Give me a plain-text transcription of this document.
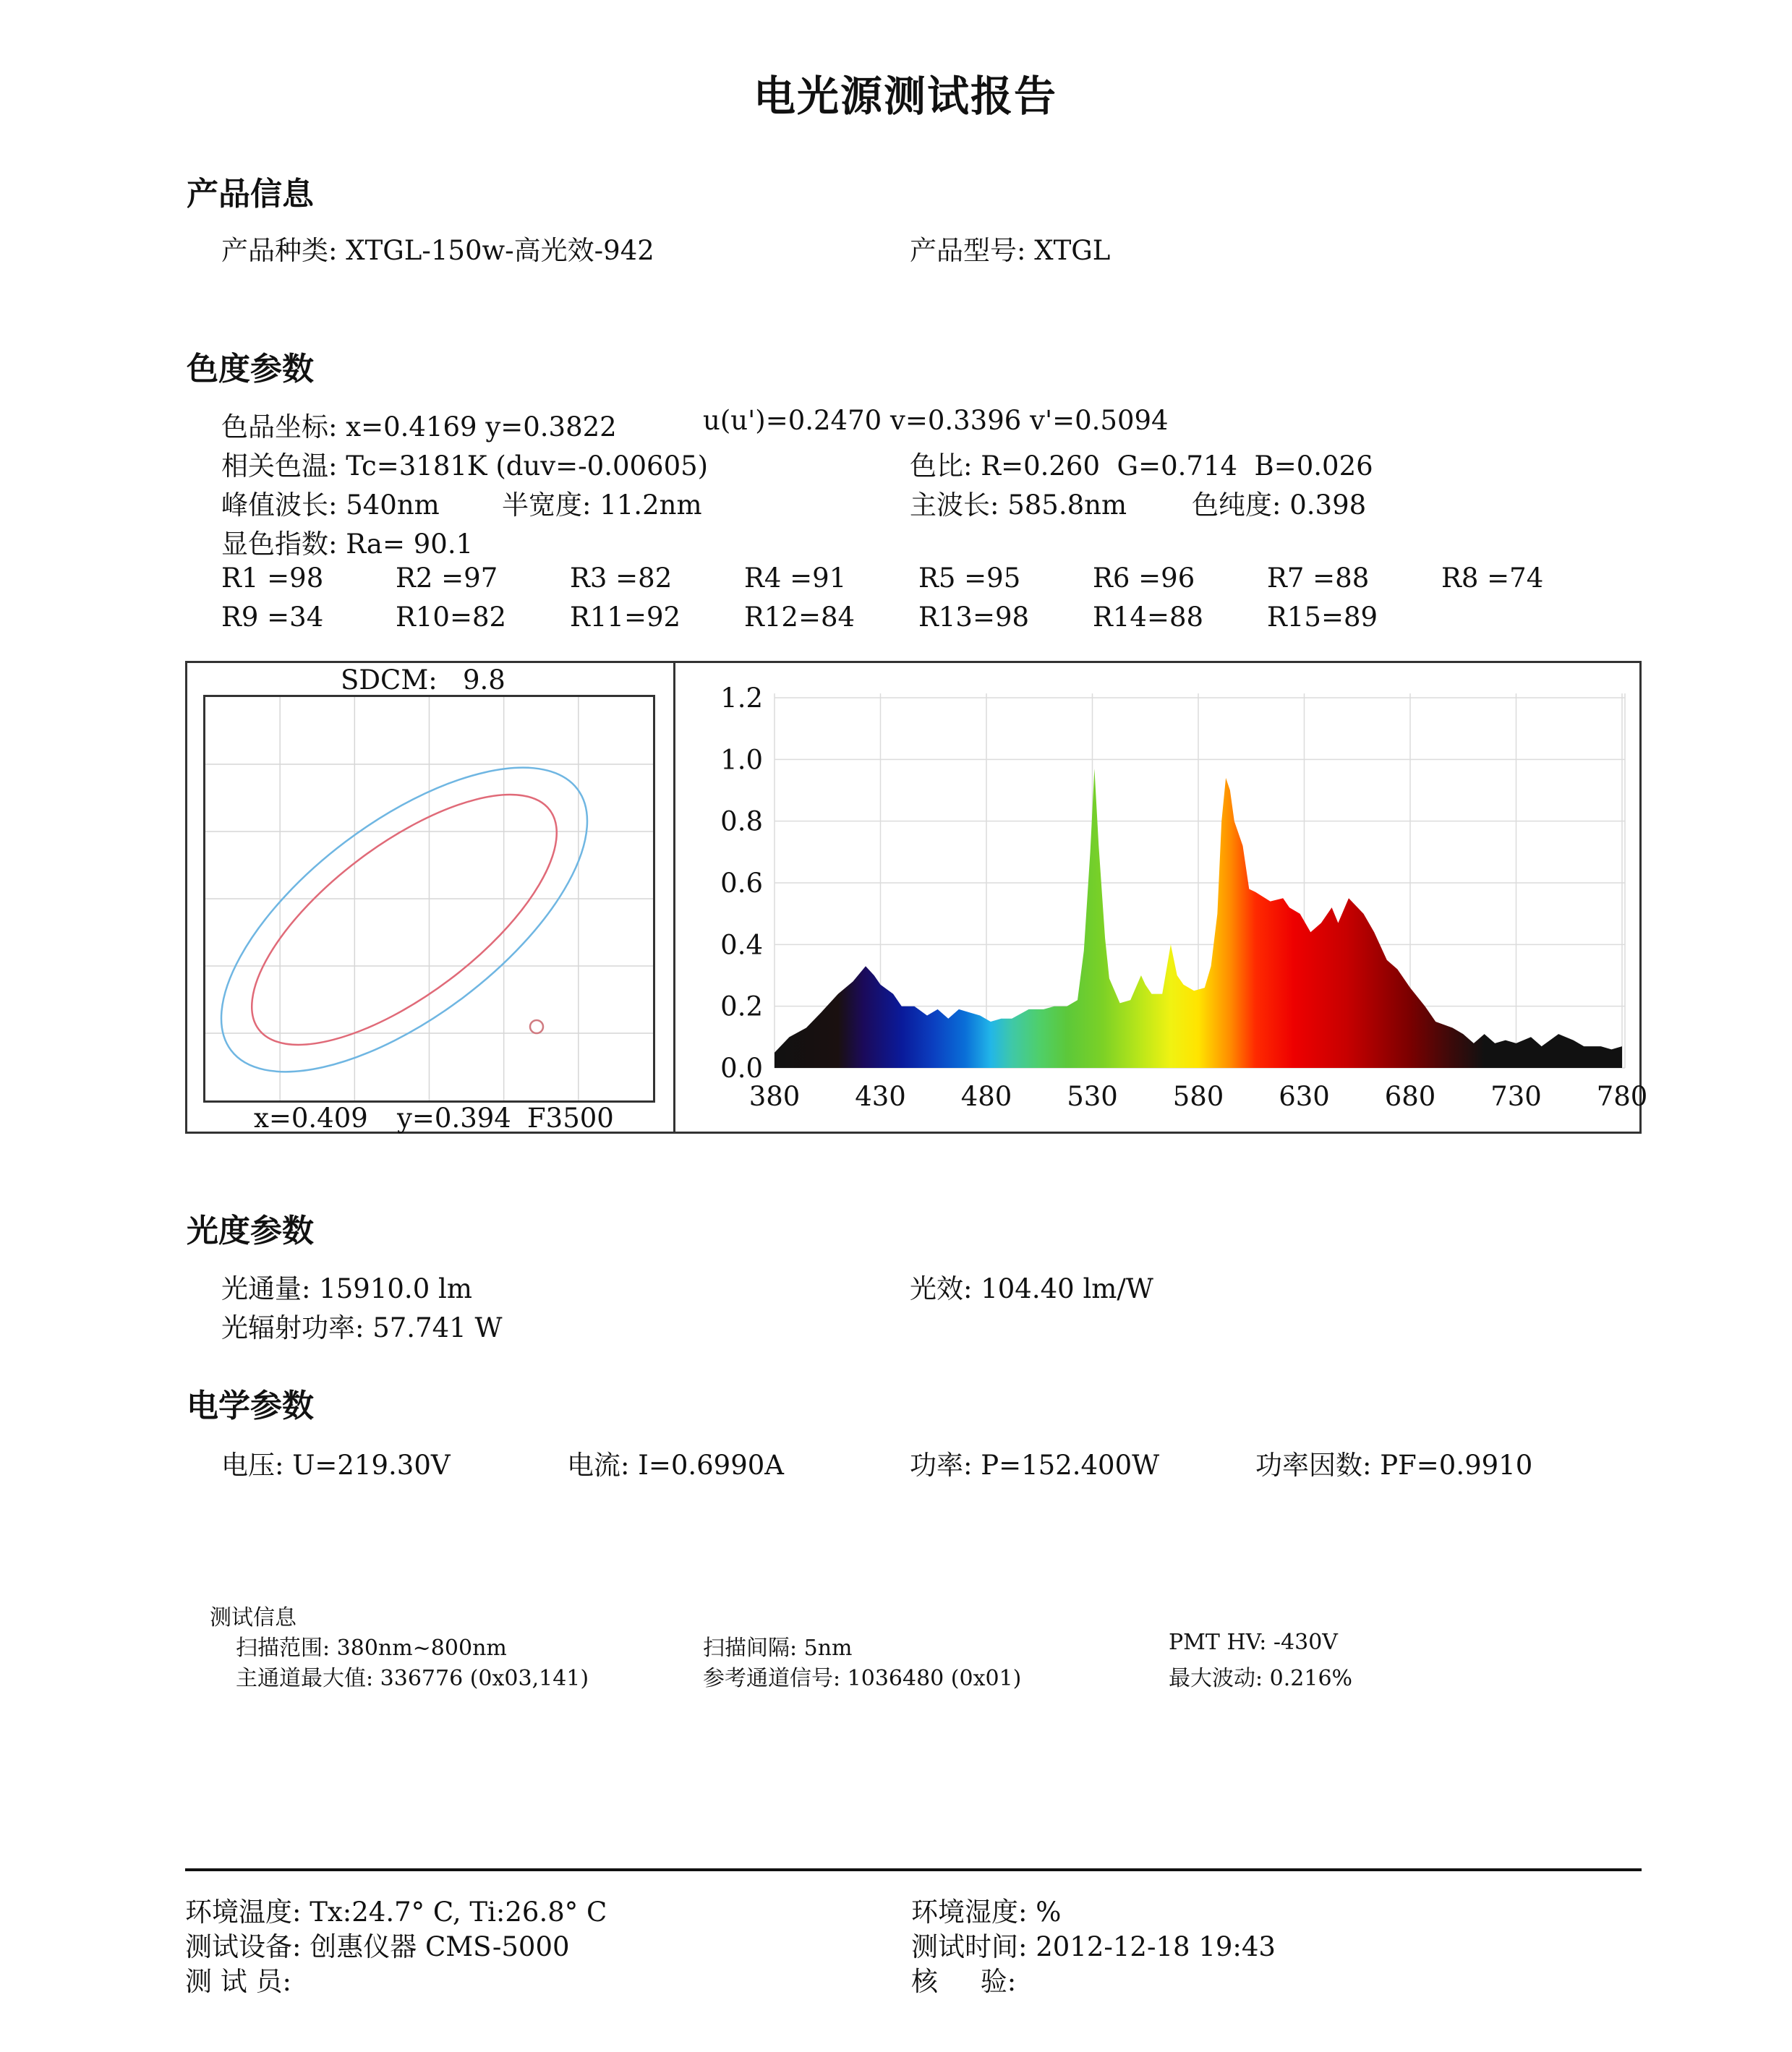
电光源测试报告
产品信息
产品种类: XTGL-150w-高光效-942	产品型号: XTGL
色度参数
色品坐标: x=0.4169 y=0.3822	u(u')=0.2470 v=0.3396 v'=0.5094
相关色温: Tc=3181K (duv=-0.00605)	色比: R=0.260  G=0.714  B=0.026
峰值波长: 540nm 半宽度: 11.2nm	主波长: 585.8nm 色纯度: 0.398
显色指数: Ra= 90.1
R1 =98	R2 =97	R3 =82	R4 =91	R5 =95	R6 =96	R7 =88	R8 =74
R9 =34	R10=82 R11=92 R12=84 R13=98 R14=88 R15=89
SDCM:   9.8
x=0.409 y=0.394 F3500
0.0
0.2
0.4
0.6
0.8
1.0
1.2
380 430 480 530 580 630 680 730 780
光度参数
光通量: 15910.0 lm	光效: 104.40 lm/W
光辐射功率: 57.741 W
电学参数
电压: U=219.30V	电流: I=0.6990A	功率: P=152.400W	功率因数: PF=0.9910
测试信息
扫描范围: 380nm~800nm	扫描间隔: 5nm	PMT HV: -430V
主通道最大值: 336776 (0x03,141)	参考通道信号: 1036480 (0x01)	最大波动: 0.216%
环境温度: Tx:24.7° C, Ti:26.8° C	环境湿度: %
测试设备: 创惠仪器 CMS-5000	测试时间: 2012-12-18 19:43
测 试 员:	核     验:
